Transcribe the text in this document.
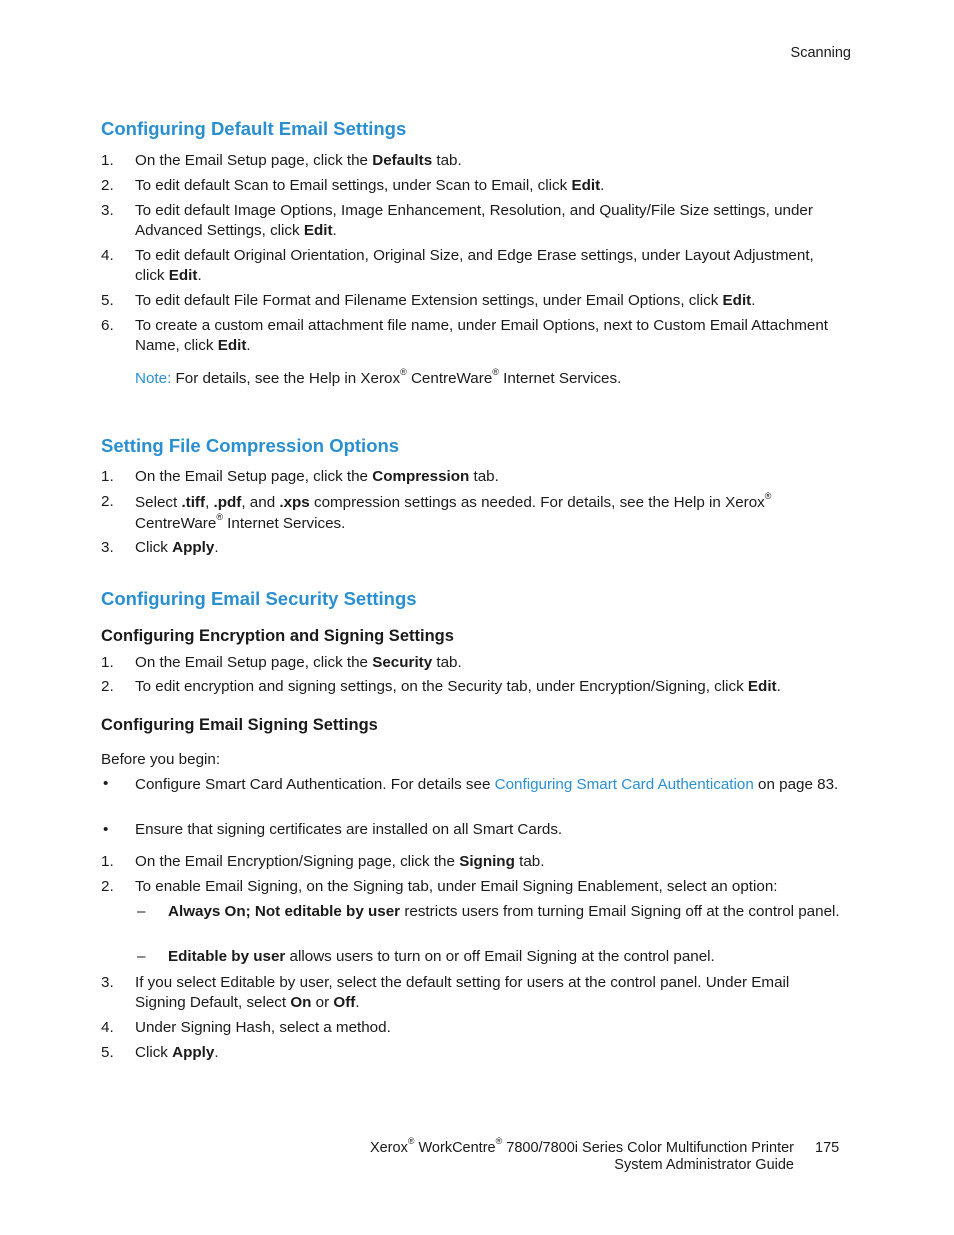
Scanning
Configuring Default Email Settings
1. On the Email Setup page, click the Defaults tab.
2. To edit default Scan to Email settings, under Scan to Email, click Edit.
3. To edit default Image Options, Image Enhancement, Resolution, and Quality/File Size settings, under Advanced Settings, click Edit.
4. To edit default Original Orientation, Original Size, and Edge Erase settings, under Layout Adjustment, click Edit.
5. To edit default File Format and Filename Extension settings, under Email Options, click Edit.
6. To create a custom email attachment file name, under Email Options, next to Custom Email Attachment Name, click Edit.
Note: For details, see the Help in Xerox® CentreWare® Internet Services.
Setting File Compression Options
1. On the Email Setup page, click the Compression tab.
2. Select .tiff, .pdf, and .xps compression settings as needed. For details, see the Help in Xerox® CentreWare® Internet Services.
3. Click Apply.
Configuring Email Security Settings
Configuring Encryption and Signing Settings
1. On the Email Setup page, click the Security tab.
2. To edit encryption and signing settings, on the Security tab, under Encryption/Signing, click Edit.
Configuring Email Signing Settings
Before you begin:
• Configure Smart Card Authentication. For details see Configuring Smart Card Authentication on page 83.
• Ensure that signing certificates are installed on all Smart Cards.
1. On the Email Encryption/Signing page, click the Signing tab.
2. To enable Email Signing, on the Signing tab, under Email Signing Enablement, select an option:
– Always On; Not editable by user restricts users from turning Email Signing off at the control panel.
– Editable by user allows users to turn on or off Email Signing at the control panel.
3. If you select Editable by user, select the default setting for users at the control panel. Under Email Signing Default, select On or Off.
4. Under Signing Hash, select a method.
5. Click Apply.
Xerox® WorkCentre® 7800/7800i Series Color Multifunction Printer
System Administrator Guide
175
